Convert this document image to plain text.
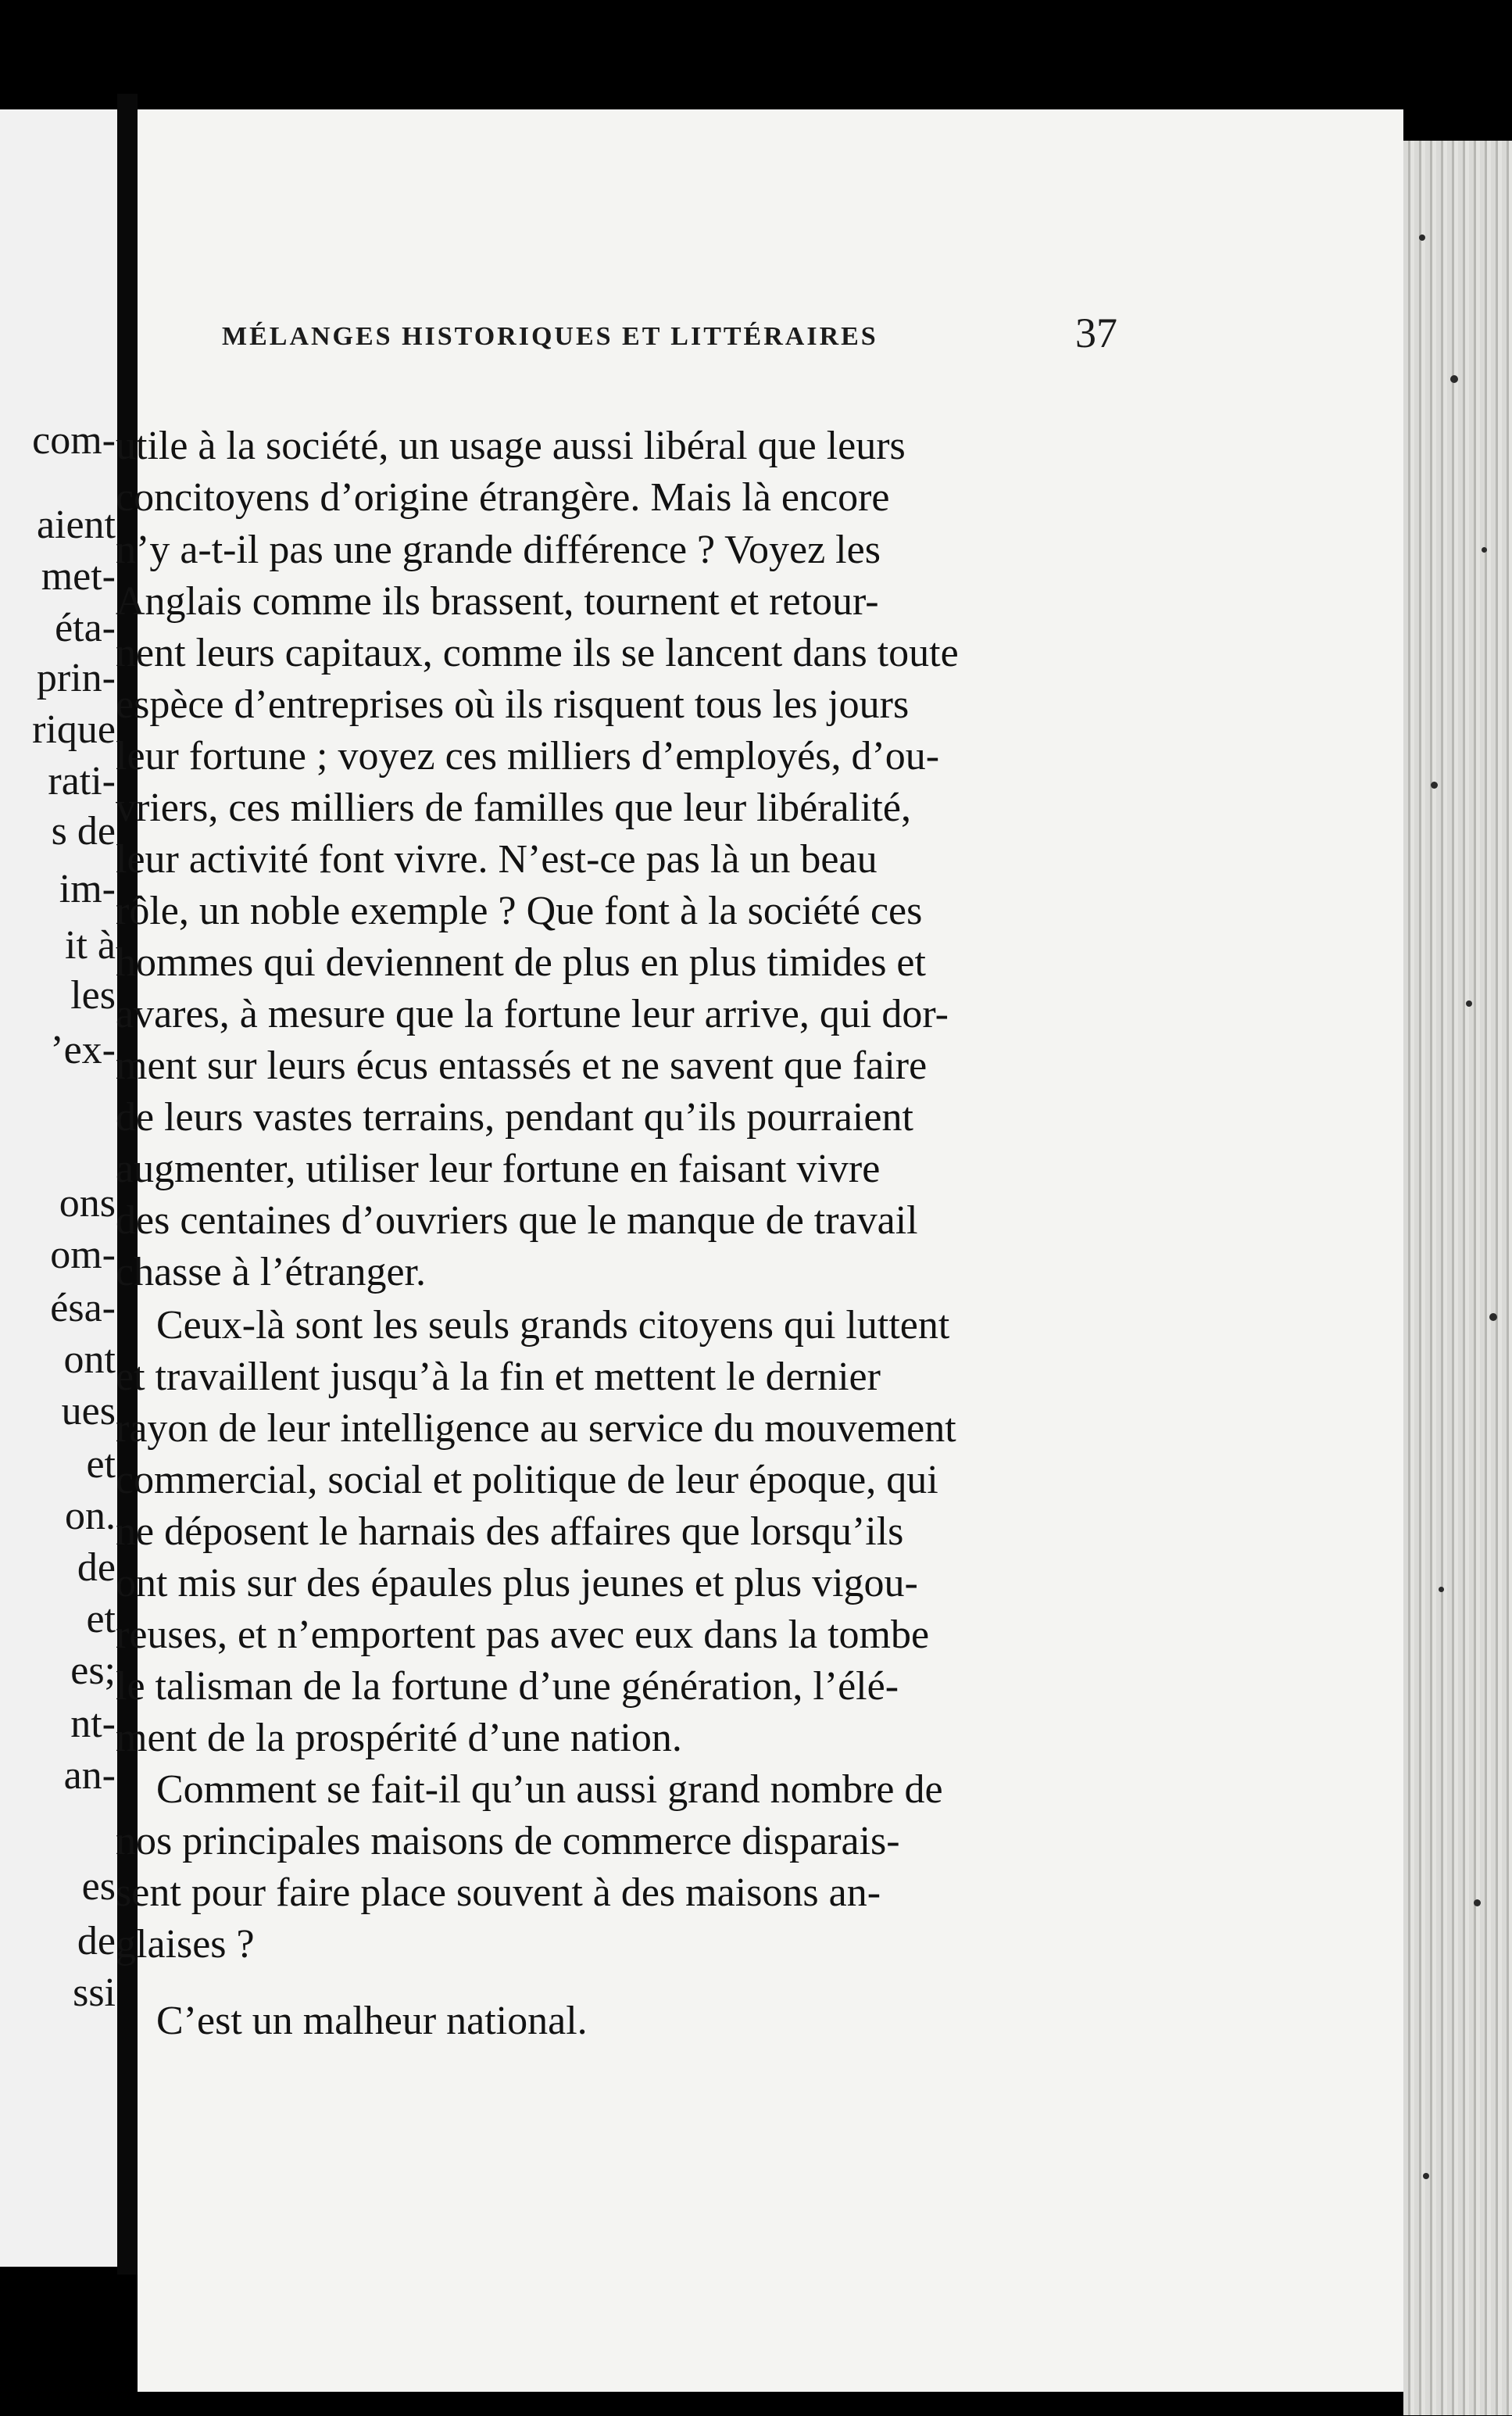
com-
aient
met-
éta-
prin-
rique
rati-
s de
im-
it à
les
’ex-
ons
om-
ésa-
ont
ues
et
on.
de
et
es;
nt-
an-
es
de
ssi
MÉLANGES HISTORIQUES ET LITTÉRAIRES	37
utile à la société, un usage aussi libéral que leurs
concitoyens d’origine étrangère. Mais là encore
n’y a-t-il pas une grande différence ? Voyez les
Anglais comme ils brassent, tournent et retour-
nent leurs capitaux, comme ils se lancent dans toute
espèce d’entreprises où ils risquent tous les jours
leur fortune ; voyez ces milliers d’employés, d’ou-
vriers, ces milliers de familles que leur libéralité,
leur activité font vivre. N’est-ce pas là un beau
rôle, un noble exemple ? Que font à la société ces
hommes qui deviennent de plus en plus timides et
avares, à mesure que la fortune leur arrive, qui dor-
ment sur leurs écus entassés et ne savent que faire
de leurs vastes terrains, pendant qu’ils pourraient
augmenter, utiliser leur fortune en faisant vivre
des centaines d’ouvriers que le manque de travail
chasse à l’étranger.
Ceux-là sont les seuls grands citoyens qui luttent
et travaillent jusqu’à la fin et mettent le dernier
rayon de leur intelligence au service du mouvement
commercial, social et politique de leur époque, qui
ne déposent le harnais des affaires que lorsqu’ils
ont mis sur des épaules plus jeunes et plus vigou-
reuses, et n’emportent pas avec eux dans la tombe
le talisman de la fortune d’une génération, l’élé-
ment de la prospérité d’une nation.
Comment se fait-il qu’un aussi grand nombre de
nos principales maisons de commerce disparais-
sent pour faire place souvent à des maisons an-
glaises ?
C’est un malheur national.
